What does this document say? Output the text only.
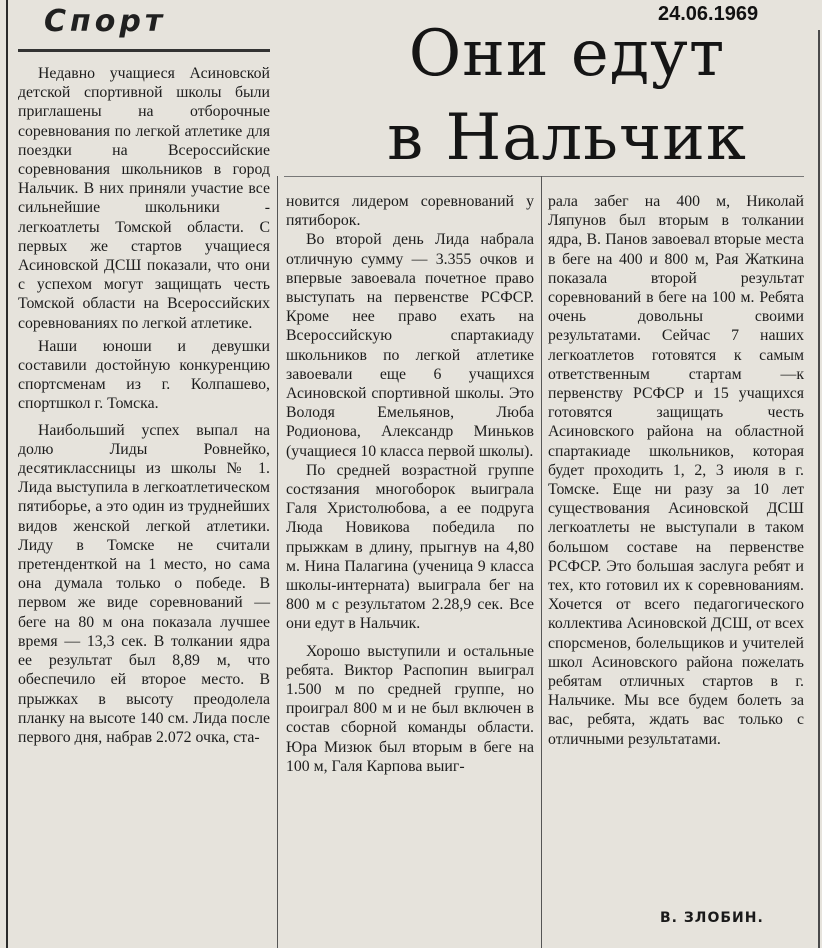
Спорт	24.06.1969
Они едут
в Нальчик

Недавно учащиеся Асиновской детской спортивной школы были приглашены на отборочные соревнования по легкой атлетике для поездки на Всероссийские соревнования школьников в город Нальчик. В них приняли участие все сильнейшие школьники - легкоатлеты Томской области. С первых же стартов учащиеся Асиновской ДСШ показали, что они с успехом могут защищать честь Томской области на Всероссийских соревнованиях по легкой атлетике.

Наши юноши и девушки составили достойную конкуренцию спортсменам из г. Колпашево, спортшкол г. Томска.

Наибольший успех выпал на долю Лиды Ровнейко, десятиклассницы из школы № 1. Лида выступила в легкоатлетическом пятиборье, а это один из труднейших видов женской легкой атлетики. Лиду в Томске не считали претенденткой на 1 место, но сама она думала только о победе. В первом же виде соревнований — беге на 80 м она показала лучшее время — 13,3 сек. В толкании ядра ее результат был 8,89 м, что обеспечило ей второе место. В прыжках в высоту преодолела планку на высоте 140 см. Лида после первого дня, набрав 2.072 очка, ста-

новится лидером соревнований у пятиборок.

Во второй день Лида набрала отличную сумму — 3.355 очков и впервые завоевала почетное право выступать на первенстве РСФСР. Кроме нее право ехать на Всероссийскую спартакиаду школьников по легкой атлетике завоевали еще 6 учащихся Асиновской спортивной школы. Это Володя Емельянов, Люба Родионова, Александр Миньков (учащиеся 10 класса первой школы).

По средней возрастной группе состязания многоборок выиграла Галя Христолюбова, а ее подруга Люда Новикова победила по прыжкам в длину, прыгнув на 4,80 м. Нина Палагина (ученица 9 класса школы-интерната) выиграла бег на 800 м с результатом 2.28,9 сек. Все они едут в Нальчик.

Хорошо выступили и остальные ребята. Виктор Распопин выиграл 1.500 м по средней группе, но проиграл 800 м и не был включен в состав сборной команды области. Юра Мизюк был вторым в беге на 100 м, Галя Карпова выиг-

рала забег на 400 м, Николай Ляпунов был вторым в толкании ядра, В. Панов завоевал вторые места в беге на 400 и 800 м, Рая Жаткина показала второй результат соревнований в беге на 100 м. Ребята очень довольны своими результатами. Сейчас 7 наших легкоатлетов готовятся к самым ответственным стартам —к первенству РСФСР и 15 учащихся готовятся защищать честь Асиновского района на областной спартакиаде школьников, которая будет проходить 1, 2, 3 июля в г. Томске. Еще ни разу за 10 лет существования Асиновской ДСШ легкоатлеты не выступали в таком большом составе на первенстве РСФСР. Это большая заслуга ребят и тех, кто готовил их к соревнованиям. Хочется от всего педагогического коллектива Асиновской ДСШ, от всех спорсменов, болельщиков и учителей школ Асиновского района пожелать ребятам отличных стартов в г. Нальчике. Мы все будем болеть за вас, ребята, ждать вас только с отличными результатами.

В. ЗЛОБИН.
